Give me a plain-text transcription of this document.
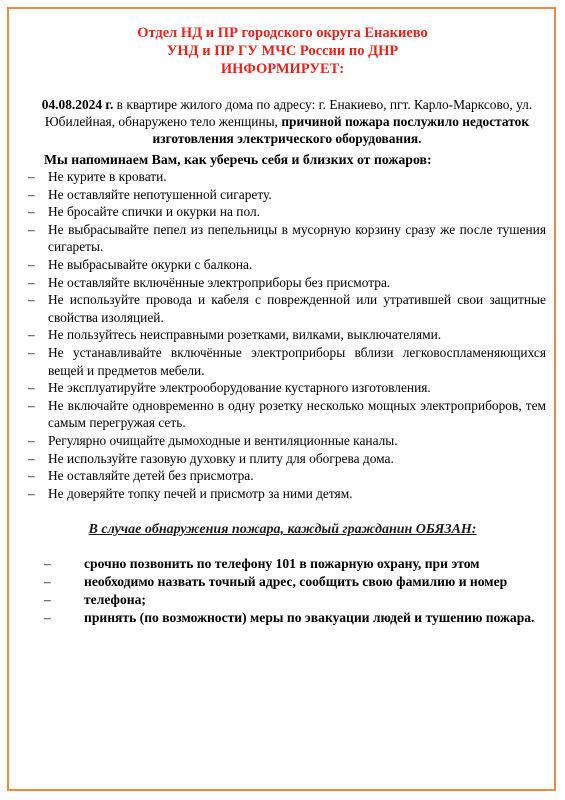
Отдел НД и ПР городского округа Енакиево
УНД и ПР ГУ МЧС России по ДНР
ИНФОРМИРУЕТ:
04.08.2024 г. в квартире жилого дома по адресу: г. Енакиево, пгт. Карло-Марксово, ул. Юбилейная, обнаружено тело женщины, причиной пожара послужило недостаток изготовления электрического оборудования.
Мы напоминаем Вам, как уберечь себя и близких от пожаров:
– Не курите в кровати.
– Не оставляйте непотушенной сигарету.
– Не бросайте спички и окурки на пол.
– Не выбрасывайте пепел из пепельницы в мусорную корзину сразу же после тушения сигареты.
– Не выбрасывайте окурки с балкона.
– Не оставляйте включённые электроприборы без присмотра.
– Не используйте провода и кабеля с поврежденной или утратившей свои защитные свойства изоляцией.
– Не пользуйтесь неисправными розетками, вилками, выключателями.
– Не устанавливайте включённые электроприборы вблизи легковоспламеняющихся вещей и предметов мебели.
– Не эксплуатируйте электрооборудование кустарного изготовления.
– Не включайте одновременно в одну розетку несколько мощных электроприборов, тем самым перегружая сеть.
– Регулярно очищайте дымоходные и вентиляционные каналы.
– Не используйте газовую духовку и плиту для обогрева дома.
– Не оставляйте детей без присмотра.
– Не доверяйте топку печей и присмотр за ними детям.
В случае обнаружения пожара, каждый гражданин ОБЯЗАН:
– срочно позвонить по телефону 101 в пожарную охрану, при этом
– необходимо назвать точный адрес, сообщить свою фамилию и номер
– телефона;
– принять (по возможности) меры по эвакуации людей и тушению пожара.
